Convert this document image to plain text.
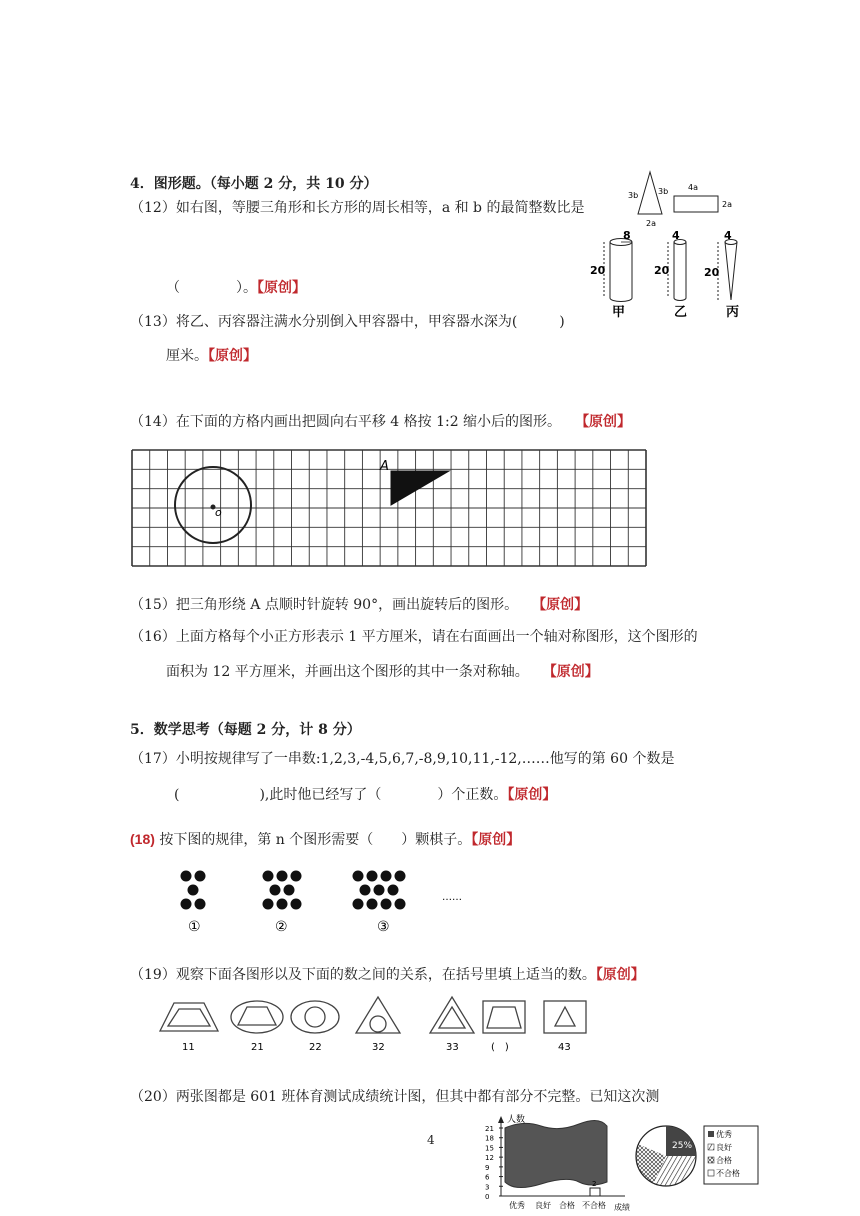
4．图形题。（每小题 2 分，共 10 分）
（12）如右图，等腰三角形和长方形的周长相等，a 和 b 的最简整数比是
3b 3b
2a
4a
2a
8
20
甲
4
20
乙
4
20
丙
（　　　　）。【原创】
（13）将乙、丙容器注满水分别倒入甲容器中，甲容器水深为(　　　)
厘米。【原创】
（14）在下面的方格内画出把圆向右平移 4 格按 1:2 缩小后的图形。 【原创】
o
A
（15）把三角形绕 A 点顺时针旋转 90°，画出旋转后的图形。 【原创】
（16）上面方格每个小正方形表示 1 平方厘米，请在右面画出一个轴对称图形，这个图形的
面积为 12 平方厘米，并画出这个图形的其中一条对称轴。 【原创】
5．数学思考（每题 2 分，计 8 分）
（17）小明按规律写了一串数:1,2,3,-4,5,6,7,-8,9,10,11,-12,……他写的第 60 个数是
(	),此时他已经写了（　　　　）个正数。【原创】
(18) 按下图的规律，第 n 个图形需要（　　）颗棋子。【原创】
①	②	③
……
（19）观察下面各图形以及下面的数之间的关系，在括号里填上适当的数。【原创】
11	21	22	32	33	(　)	43
（20）两张图都是 601 班体育测试成绩统计图，但其中都有部分不完整。已知这次测
4
人数
21
18
15
12
9
6
3
0
2
优秀 良好 合格 不合格 成绩
25%
优秀
良好
合格
不合格
